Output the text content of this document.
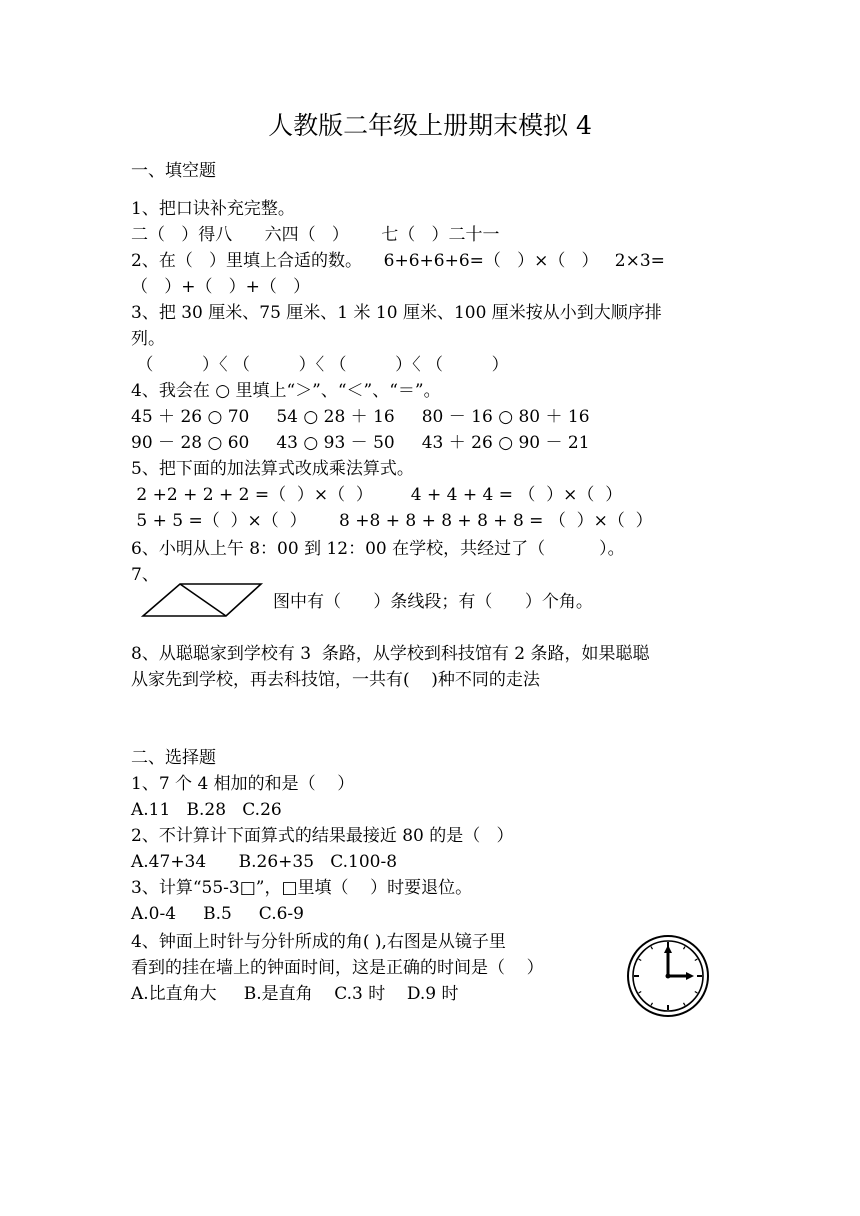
人教版二年级上册期末模拟 4
一、填空题
1、把口诀补充完整。
二（   ）得八      六四（   ）      七（   ）二十一
2、在（   ）里填上合适的数。    6+6+6+6=（   ）×（   ）   2×3=
（   ）+（   ）+（   ）
3、把 30 厘米、75 厘米、1 米 10 厘米、100 厘米按从小到大顺序排
列。
（         ）〈 （         ）〈 （         ）〈 （         ）
4、我会在 ○ 里填上“＞”、“＜”、“＝”。
45 ＋ 26 ○ 70     54 ○ 28 ＋ 16     80 － 16 ○ 80 ＋ 16
90 － 28 ○ 60     43 ○ 93 － 50     43 ＋ 26 ○ 90 － 21
5、把下面的加法算式改成乘法算式。
2 +2 + 2 + 2 =（  ）×（  ）       4 + 4 + 4 = （  ）×（  ）
5 + 5 =（  ）×（  ）      8 +8 + 8 + 8 + 8 + 8 = （  ）×（  ）
6、小明从上午 8：00 到 12：00 在学校，共经过了（          ）。
7、
图中有（      ）条线段；有（      ）个角。
8、从聪聪家到学校有 3  条路，从学校到科技馆有 2 条路，如果聪聪
从家先到学校，再去科技馆，一共有(    )种不同的走法
二、选择题
1、7 个 4 相加的和是（    ）
A.11   B.28   C.26
2、不计算计下面算式的结果最接近 80 的是（   ）
A.47+34      B.26+35   C.100-8
3、计算“55-3□”，□里填（    ）时要退位。
A.0-4     B.5     C.6-9
4、钟面上时针与分针所成的角( ),右图是从镜子里
看到的挂在墙上的钟面时间，这是正确的时间是（    ）
A.比直角大     B.是直角    C.3 时    D.9 时
